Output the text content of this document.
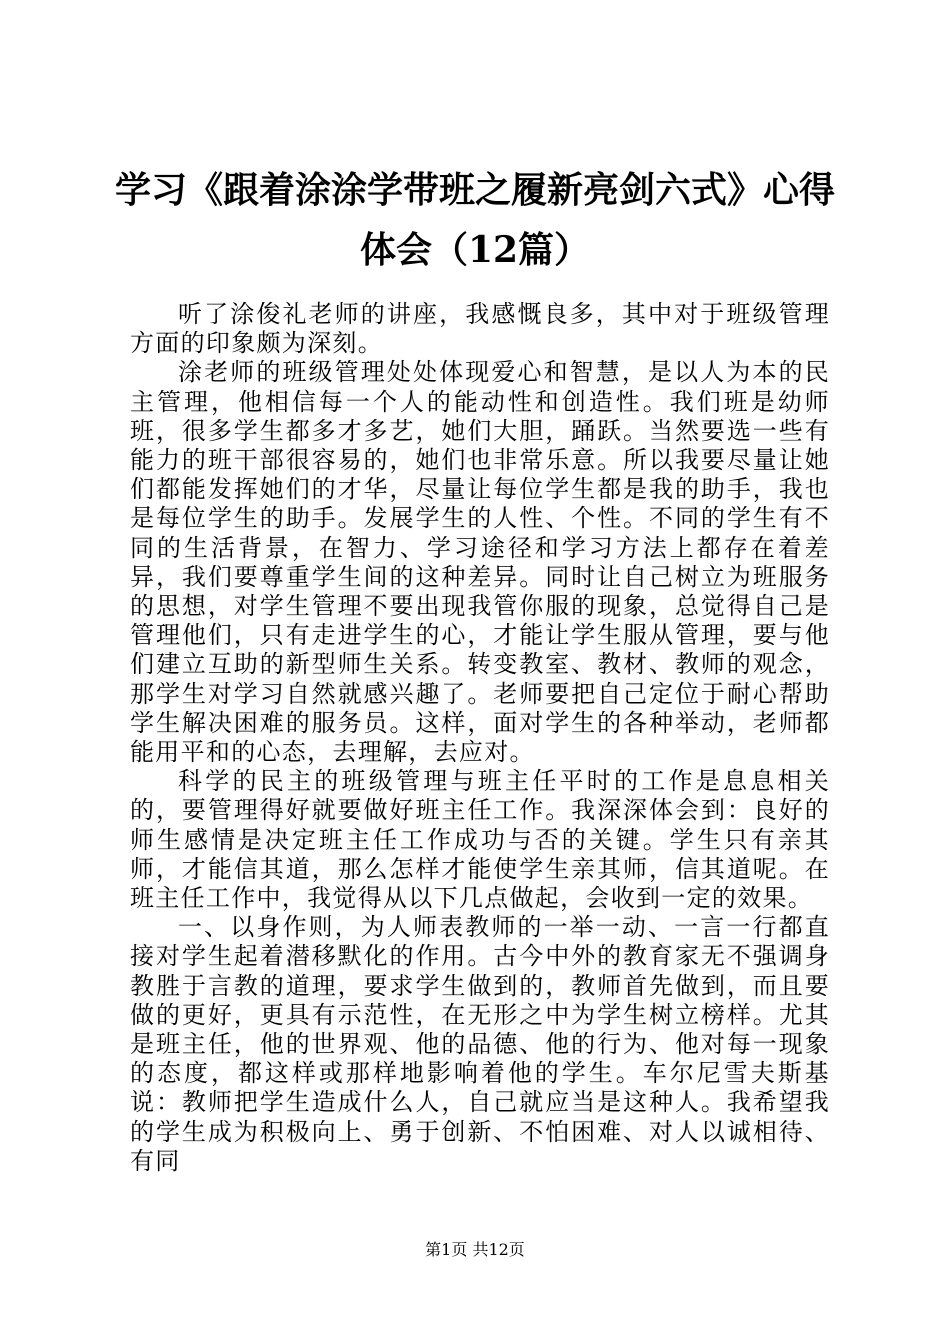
学习《跟着涂涂学带班之履新亮剑六式》心得
体会（12篇）

听了涂俊礼老师的讲座，我感慨良多，其中对于班级管理方面的印象颇为深刻。

涂老师的班级管理处处体现爱心和智慧，是以人为本的民主管理，他相信每一个人的能动性和创造性。我们班是幼师班，很多学生都多才多艺，她们大胆，踊跃。当然要选一些有能力的班干部很容易的，她们也非常乐意。所以我要尽量让她们都能发挥她们的才华，尽量让每位学生都是我的助手，我也是每位学生的助手。发展学生的人性、个性。不同的学生有不同的生活背景，在智力、学习途径和学习方法上都存在着差异，我们要尊重学生间的这种差异。同时让自己树立为班服务的思想，对学生管理不要出现我管你服的现象，总觉得自己是管理他们，只有走进学生的心，才能让学生服从管理，要与他们建立互助的新型师生关系。转变教室、教材、教师的观念，那学生对学习自然就感兴趣了。老师要把自己定位于耐心帮助学生解决困难的服务员。这样，面对学生的各种举动，老师都能用平和的心态，去理解，去应对。

科学的民主的班级管理与班主任平时的工作是息息相关的，要管理得好就要做好班主任工作。我深深体会到：良好的师生感情是决定班主任工作成功与否的关键。学生只有亲其师，才能信其道，那么怎样才能使学生亲其师，信其道呢。在班主任工作中，我觉得从以下几点做起，会收到一定的效果。

一、以身作则，为人师表教师的一举一动、一言一行都直接对学生起着潜移默化的作用。古今中外的教育家无不强调身教胜于言教的道理，要求学生做到的，教师首先做到，而且要做的更好，更具有示范性，在无形之中为学生树立榜样。尤其是班主任，他的世界观、他的品德、他的行为、他对每一现象的态度，都这样或那样地影响着他的学生。车尔尼雪夫斯基说：教师把学生造成什么人，自己就应当是这种人。我希望我的学生成为积极向上、勇于创新、不怕困难、对人以诚相待、有同

第1页 共12页
